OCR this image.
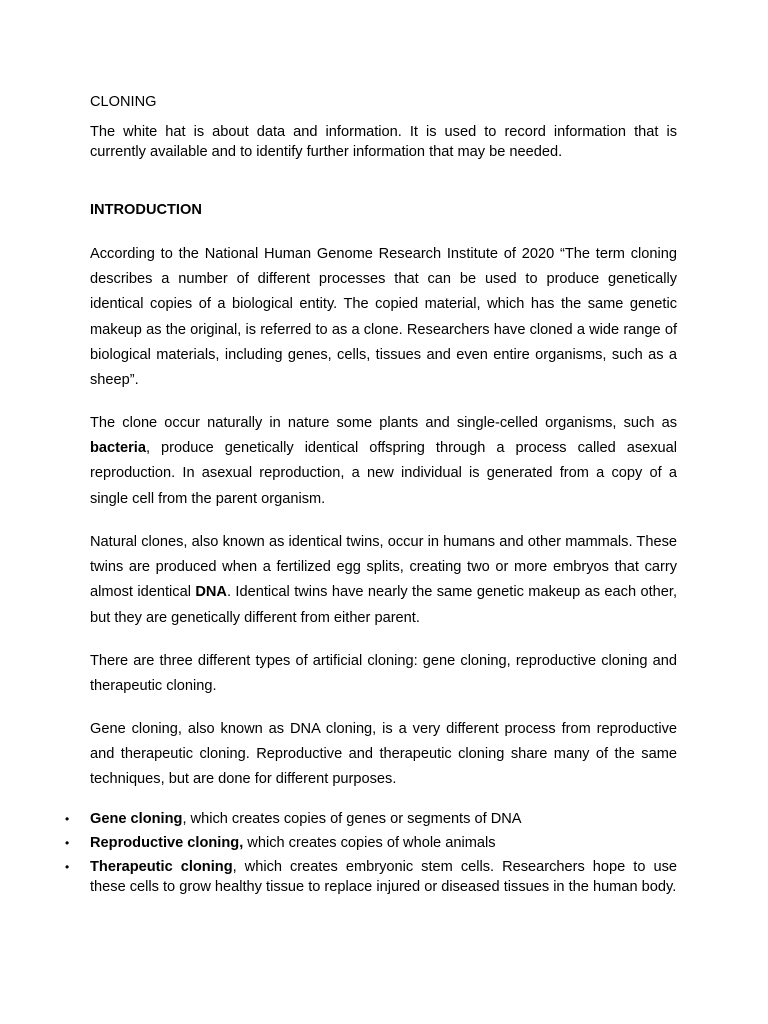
CLONING

The white hat is about data and information. It is used to record information that is currently available and to identify further information that may be needed.

INTRODUCTION

According to the National Human Genome Research Institute of 2020 “The term cloning describes a number of different processes that can be used to produce genetically identical copies of a biological entity. The copied material, which has the same genetic makeup as the original, is referred to as a clone. Researchers have cloned a wide range of biological materials, including genes, cells, tissues and even entire organisms, such as a sheep”.

The clone occur naturally in nature some plants and single-celled organisms, such as bacteria, produce genetically identical offspring through a process called asexual reproduction. In asexual reproduction, a new individual is generated from a copy of a single cell from the parent organism.

Natural clones, also known as identical twins, occur in humans and other mammals. These twins are produced when a fertilized egg splits, creating two or more embryos that carry almost identical DNA. Identical twins have nearly the same genetic makeup as each other, but they are genetically different from either parent.

There are three different types of artificial cloning: gene cloning, reproductive cloning and therapeutic cloning.

Gene cloning, also known as DNA cloning, is a very different process from reproductive and therapeutic cloning. Reproductive and therapeutic cloning share many of the same techniques, but are done for different purposes.

• Gene cloning, which creates copies of genes or segments of DNA
• Reproductive cloning, which creates copies of whole animals
• Therapeutic cloning, which creates embryonic stem cells. Researchers hope to use these cells to grow healthy tissue to replace injured or diseased tissues in the human body.
